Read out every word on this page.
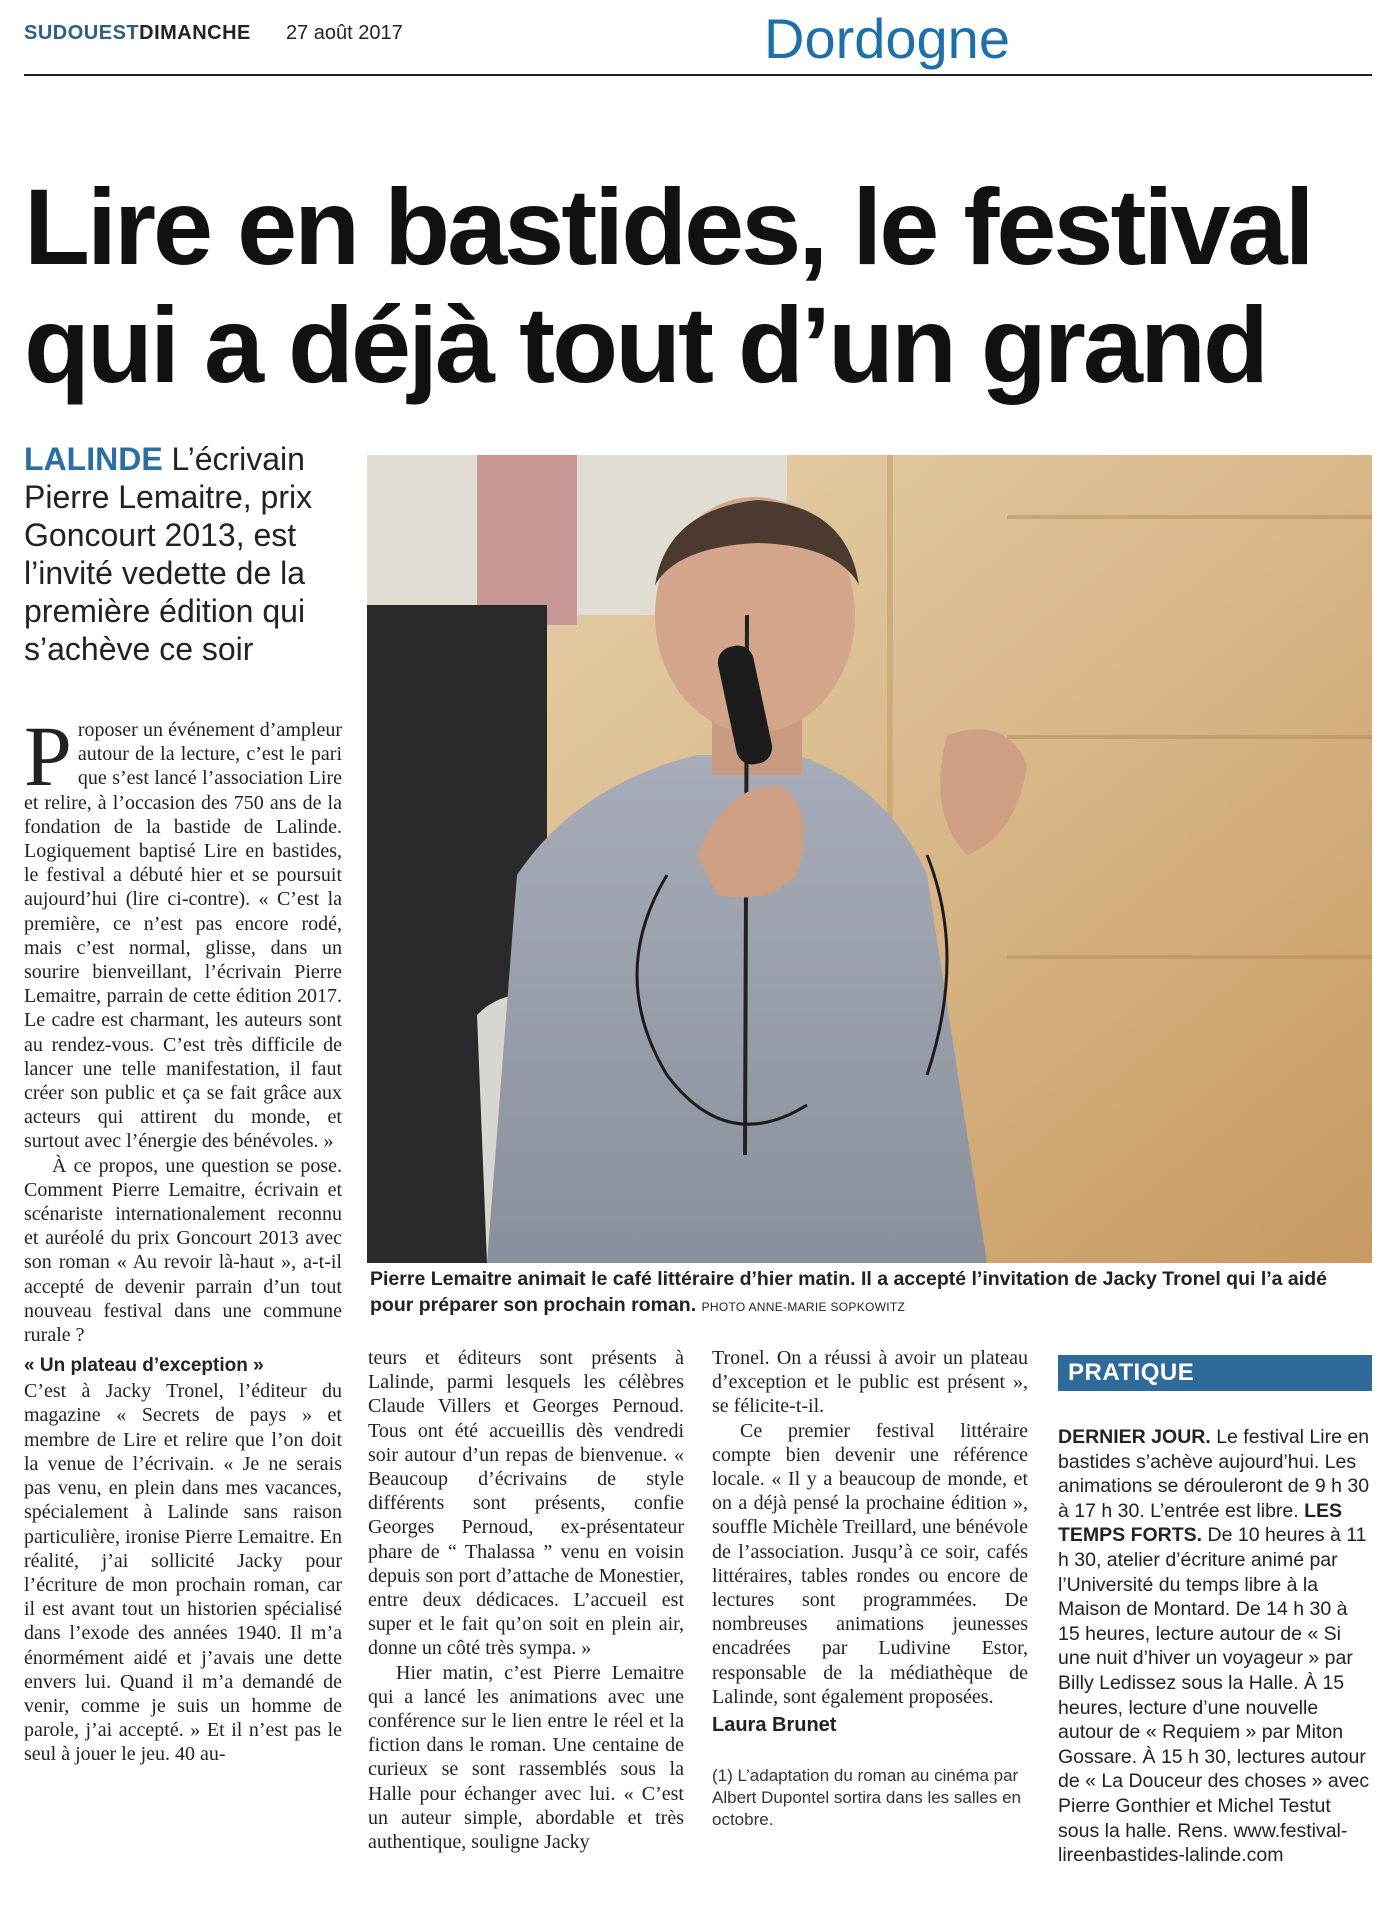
SUDOUESTDIMANCHE 27 août 2017	Dordogne
Lire en bastides, le festival
qui a déjà tout d’un grand
LALINDE L’écrivain Pierre Lemaitre, prix Goncourt 2013, est l’invité vedette de la première édition qui s’achève ce soir
Pierre Lemaitre animait le café littéraire d’hier matin. Il a accepté l’invitation de Jacky Tronel qui l’a aidé pour préparer son prochain roman. PHOTO ANNE-MARIE SOPKOWITZ

Proposer un événement d’ampleur autour de la lecture, c’est le pari que s’est lancé l’association Lire et relire, à l’occasion des 750 ans de la fondation de la bastide de Lalinde. Logiquement baptisé Lire en bastides, le festival a débuté hier et se poursuit aujourd’hui (lire ci-contre). « C’est la première, ce n’est pas encore rodé, mais c’est normal, glisse, dans un sourire bienveillant, l’écrivain Pierre Lemaitre, parrain de cette édition 2017. Le cadre est charmant, les auteurs sont au rendez-vous. C’est très difficile de lancer une telle manifestation, il faut créer son public et ça se fait grâce aux acteurs qui attirent du monde, et surtout avec l’énergie des bénévoles. »

À ce propos, une question se pose. Comment Pierre Lemaitre, écrivain et scénariste internationalement reconnu et auréolé du prix Goncourt 2013 avec son roman « Au revoir là-haut », a-t-il accepté de devenir parrain d’un tout nouveau festival dans une commune rurale ?

« Un plateau d’exception »

C’est à Jacky Tronel, l’éditeur du magazine « Secrets de pays » et membre de Lire et relire que l’on doit la venue de l’écrivain. « Je ne serais pas venu, en plein dans mes vacances, spécialement à Lalinde sans raison particulière, ironise Pierre Lemaitre. En réalité, j’ai sollicité Jacky pour l’écriture de mon prochain roman, car il est avant tout un historien spécialisé dans l’exode des années 1940. Il m’a énormément aidé et j’avais une dette envers lui. Quand il m’a demandé de venir, comme je suis un homme de parole, j’ai accepté. » Et il n’est pas le seul à jouer le jeu. 40 au-

teurs et éditeurs sont présents à Lalinde, parmi lesquels les célèbres Claude Villers et Georges Pernoud. Tous ont été accueillis dès vendredi soir autour d’un repas de bienvenue. « Beaucoup d’écrivains de style différents sont présents, confie Georges Pernoud, ex-présentateur phare de “ Thalassa ” venu en voisin depuis son port d’attache de Monestier, entre deux dédicaces. L’accueil est super et le fait qu’on soit en plein air, donne un côté très sympa. »

Hier matin, c’est Pierre Lemaitre qui a lancé les animations avec une conférence sur le lien entre le réel et la fiction dans le roman. Une centaine de curieux se sont rassemblés sous la Halle pour échanger avec lui. « C’est un auteur simple, abordable et très authentique, souligne Jacky

Tronel. On a réussi à avoir un plateau d’exception et le public est présent », se félicite-t-il.

Ce premier festival littéraire compte bien devenir une référence locale. « Il y a beaucoup de monde, et on a déjà pensé la prochaine édition », souffle Michèle Treillard, une bénévole de l’association. Jusqu’à ce soir, cafés littéraires, tables rondes ou encore de lectures sont programmées. De nombreuses animations jeunesses encadrées par Ludivine Estor, responsable de la médiathèque de Lalinde, sont également proposées.

Laura Brunet
(1) L’adaptation du roman au cinéma par Albert Dupontel sortira dans les salles en octobre.
PRATIQUE
DERNIER JOUR. Le festival Lire en bastides s’achève aujourd’hui. Les animations se dérouleront de 9 h 30 à 17 h 30. L’entrée est libre. LES TEMPS FORTS. De 10 heures à 11 h 30, atelier d’écriture animé par l’Université du temps libre à la Maison de Montard. De 14 h 30 à 15 heures, lecture autour de « Si une nuit d’hiver un voyageur » par Billy Ledissez sous la Halle. À 15 heures, lecture d’une nouvelle autour de « Requiem » par Miton Gossare. À 15 h 30, lectures autour de « La Douceur des choses » avec Pierre Gonthier et Michel Testut sous la halle. Rens. www.festival-lireenbastides-lalinde.com
